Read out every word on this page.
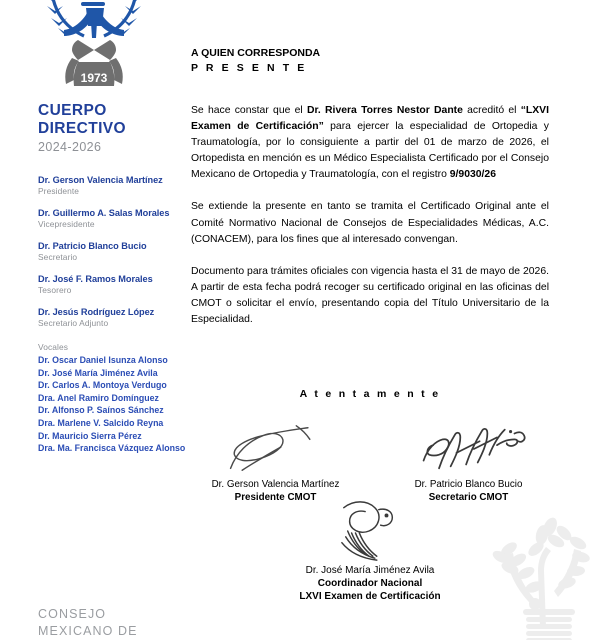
1973
CUERPO DIRECTIVO
2024-2026
Dr. Gerson Valencia Martínez
Presidente
Dr. Guillermo A. Salas Morales
Vicepresidente
Dr. Patricio Blanco Bucio
Secretario
Dr. José F. Ramos Morales
Tesorero
Dr. Jesús Rodríguez López
Secretario Adjunto
Vocales
Dr. Oscar Daniel Isunza Alonso
Dr. José María Jiménez Avila
Dr. Carlos A. Montoya Verdugo
Dra. Anel Ramiro Domínguez
Dr. Alfonso P. Saínos Sánchez
Dra. Marlene V. Salcido Reyna
Dr. Mauricio Sierra Pérez
Dra. Ma. Francisca Vázquez Alonso
CONSEJO
MEXICANO DE
A QUIEN CORRESPONDA
P R E S E N T E

Se hace constar que el Dr. Rivera Torres Nestor Dante acreditó el “LXVI Examen de Certificación” para ejercer la especialidad de Ortopedia y Traumatología, por lo consiguiente a partir del 01 de marzo de 2026, el Ortopedista en mención es un Médico Especialista Certificado por el Consejo Mexicano de Ortopedia y Traumatología, con el registro 9/9030/26

Se extiende la presente en tanto se tramita el Certificado Original ante el Comité Normativo Nacional de Consejos de Especialidades Médicas, A.C. (CONACEM), para los fines que al interesado convengan.

Documento para trámites oficiales con vigencia hasta el 31 de mayo de 2026. A partir de esta fecha podrá recoger su certificado original en las oficinas del CMOT o solicitar el envío, presentando copia del Título Universitario de la Especialidad.

A t e n t a m e n t e
Dr. Gerson Valencia Martínez
Presidente CMOT
Dr. Patricio Blanco Bucio
Secretario CMOT
Dr. José María Jiménez Avila
Coordinador Nacional
LXVI Examen de Certificación
